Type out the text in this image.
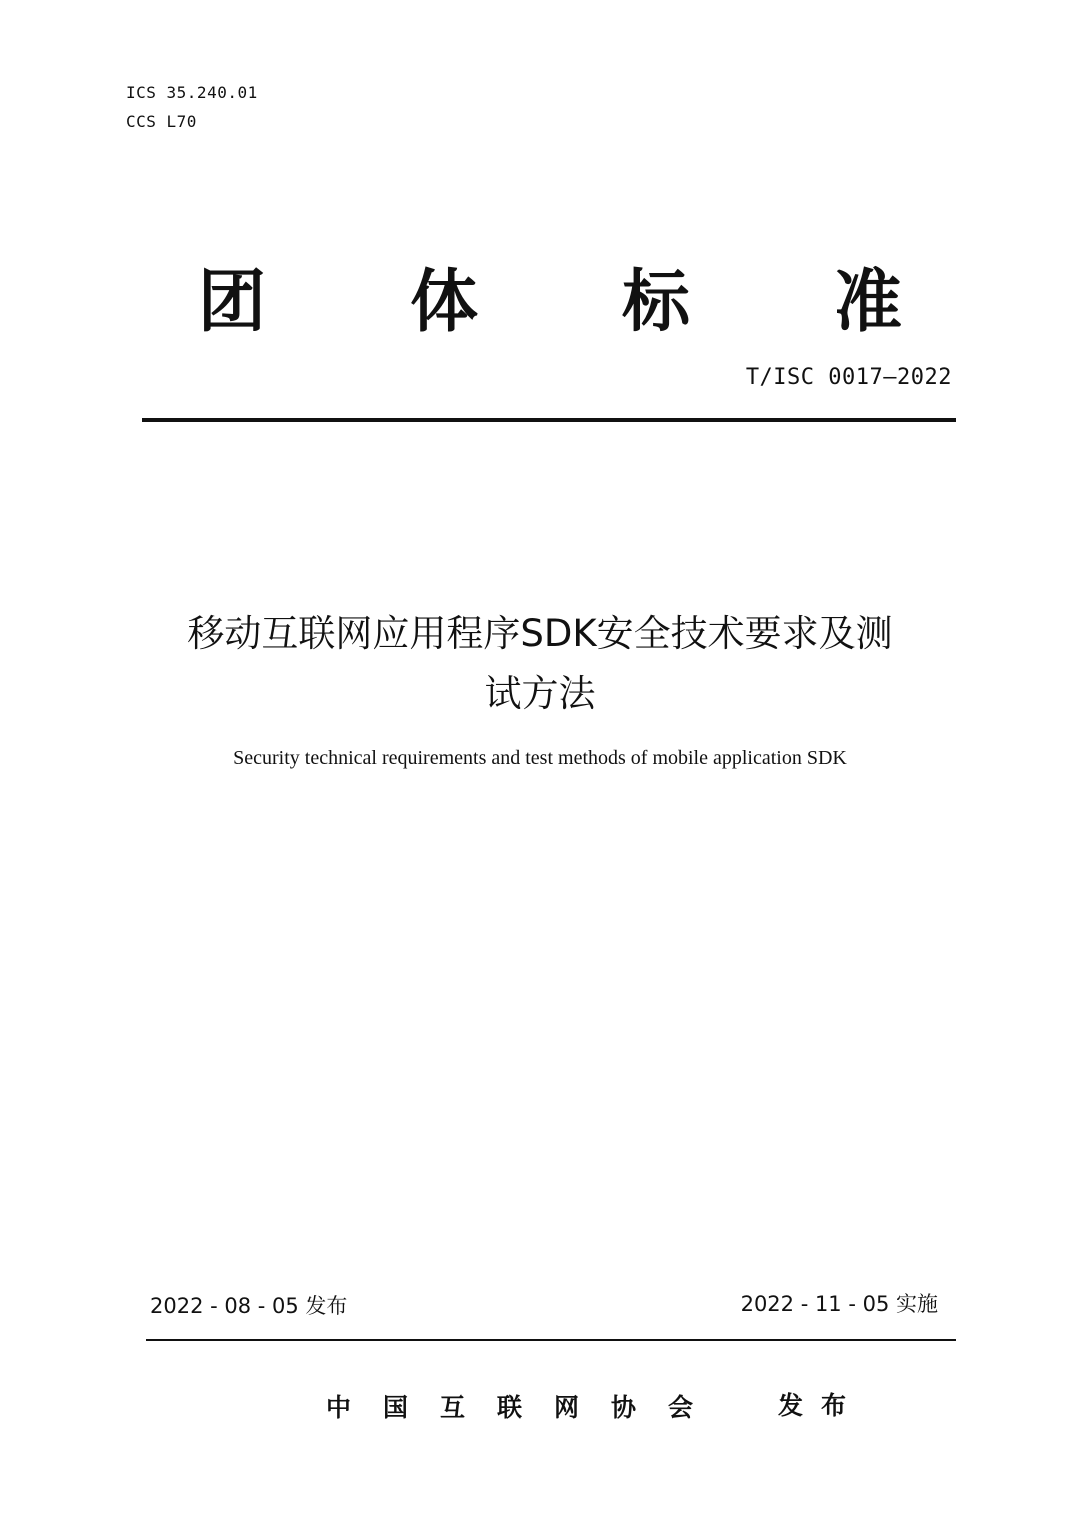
ICS 35.240.01
CCS L70
团	体	标	准
T/ISC 0017—2022
移动互联网应用程序SDK安全技术要求及测
试方法
Security technical requirements and test methods of mobile application SDK
2022 - 08 - 05 发布	2022 - 11 - 05 实施
中国互联网协会 发布
